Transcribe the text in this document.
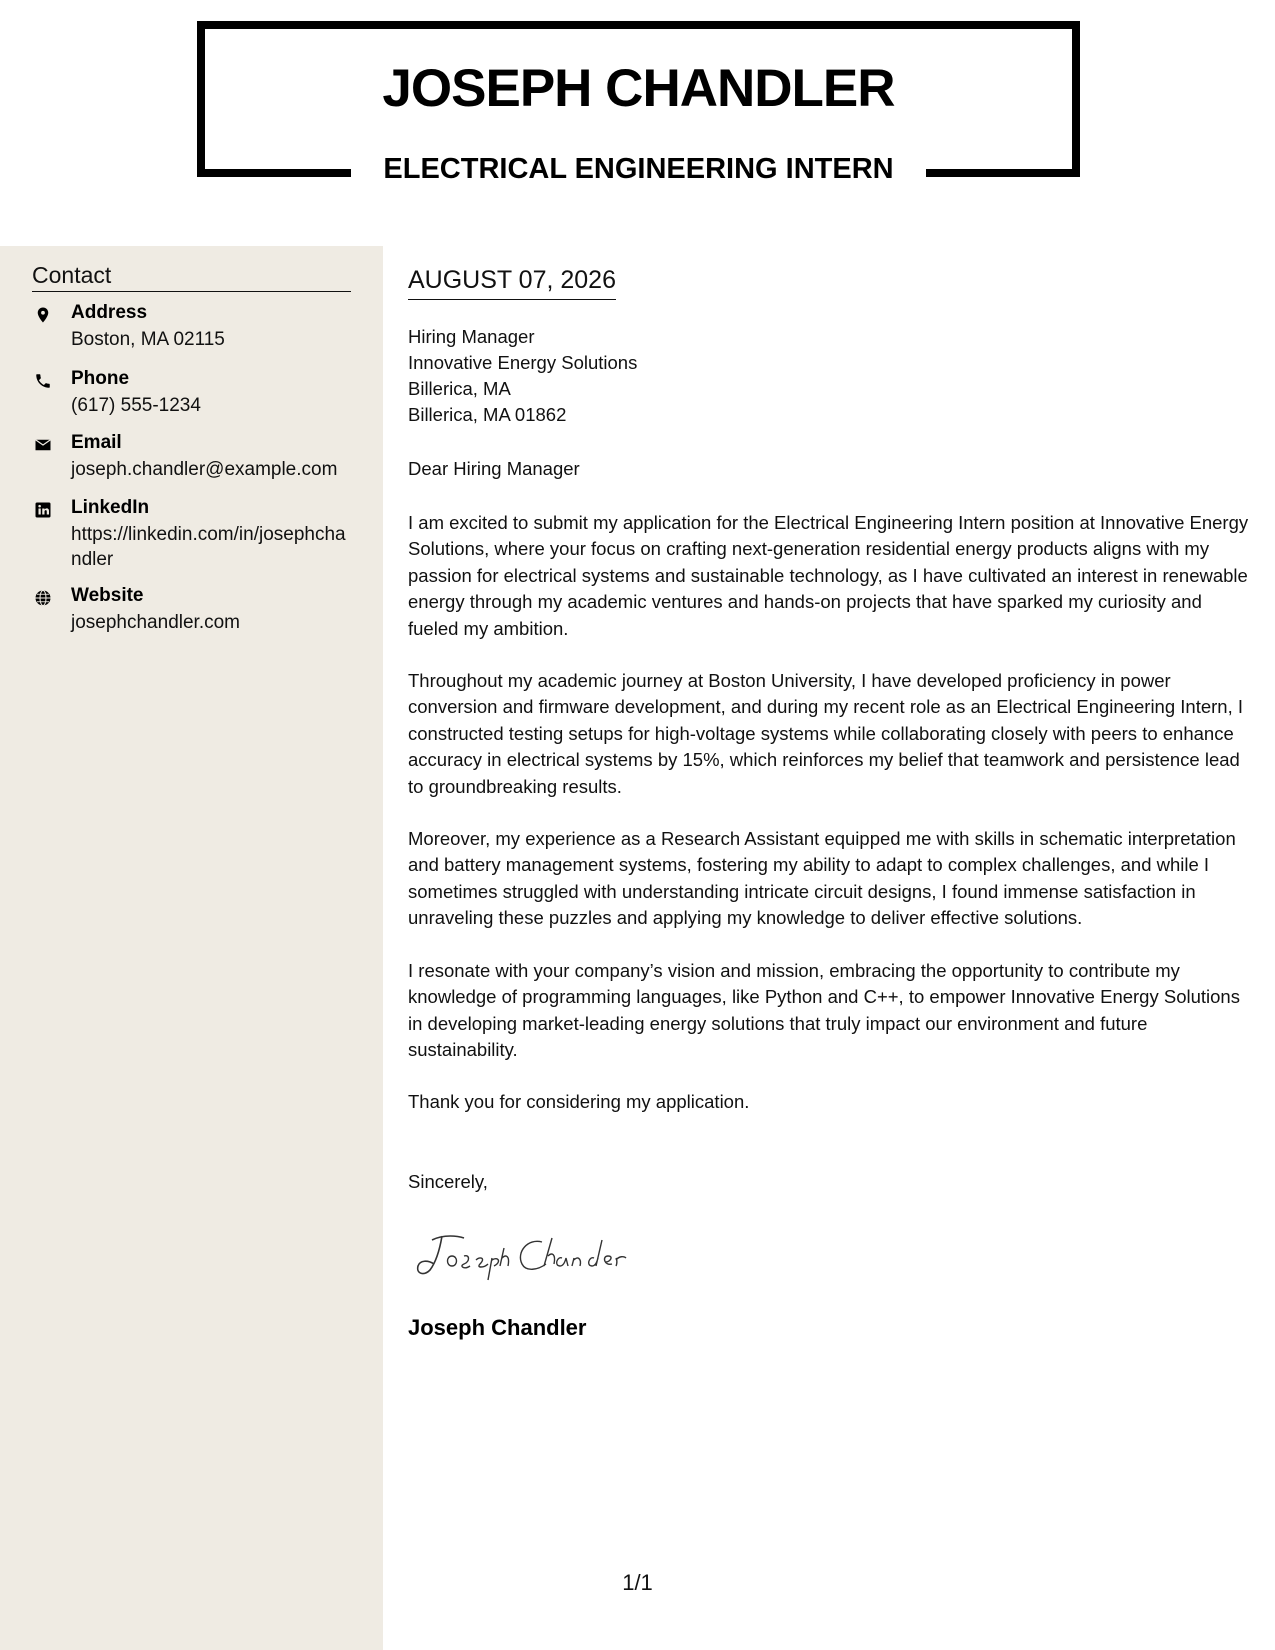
JOSEPH CHANDLER
ELECTRICAL ENGINEERING INTERN
Contact
Address
Boston, MA 02115
Phone
(617) 555-1234
Email
joseph.chandler@example.com
LinkedIn
https://linkedin.com/in/josephchandler
Website
josephchandler.com
AUGUST 07, 2026
Hiring Manager
Innovative Energy Solutions
Billerica, MA
Billerica, MA 01862
Dear Hiring Manager

I am excited to submit my application for the Electrical Engineering Intern position at Innovative Energy Solutions, where your focus on crafting next-generation residential energy products aligns with my passion for electrical systems and sustainable technology, as I have cultivated an interest in renewable energy through my academic ventures and hands-on projects that have sparked my curiosity and fueled my ambition.

Throughout my academic journey at Boston University, I have developed proficiency in power conversion and firmware development, and during my recent role as an Electrical Engineering Intern, I constructed testing setups for high-voltage systems while collaborating closely with peers to enhance accuracy in electrical systems by 15%, which reinforces my belief that teamwork and persistence lead to groundbreaking results.

Moreover, my experience as a Research Assistant equipped me with skills in schematic interpretation and battery management systems, fostering my ability to adapt to complex challenges, and while I sometimes struggled with understanding intricate circuit designs, I found immense satisfaction in unraveling these puzzles and applying my knowledge to deliver effective solutions.

I resonate with your company’s vision and mission, embracing the opportunity to contribute my knowledge of programming languages, like Python and C++, to empower Innovative Energy Solutions in developing market-leading energy solutions that truly impact our environment and future sustainability.

Thank you for considering my application.

Sincerely,
Joseph Chandler
1/1
